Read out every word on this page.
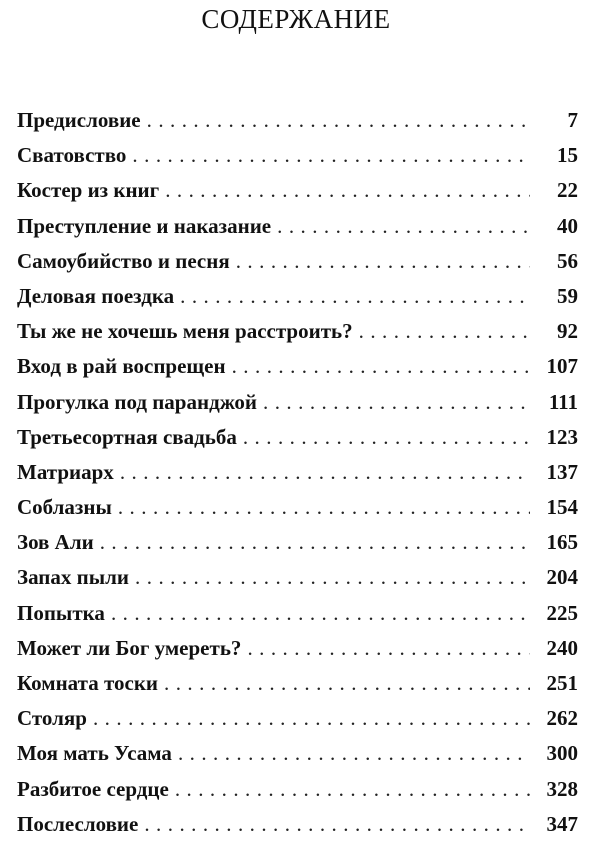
СОДЕРЖАНИЕ
Предисловие . . .	7
Сватовство . . .	15
Костер из книг . . .	22
Преступление и наказание . . .	40
Самоубийство и песня . . .	56
Деловая поездка . . .	59
Ты же не хочешь меня расстроить? . . .	92
Вход в рай воспрещен . . .	107
Прогулка под паранджой . . .	111
Третьесортная свадьба . . .	123
Матриарх . . .	137
Соблазны . . .	154
Зов Али . . .	165
Запах пыли . . .	204
Попытка . . .	225
Может ли Бог умереть? . . .	240
Комната тоски . . .	251
Столяр . . .	262
Моя мать Усама . . .	300
Разбитое сердце . . .	328
Послесловие . . .	347
